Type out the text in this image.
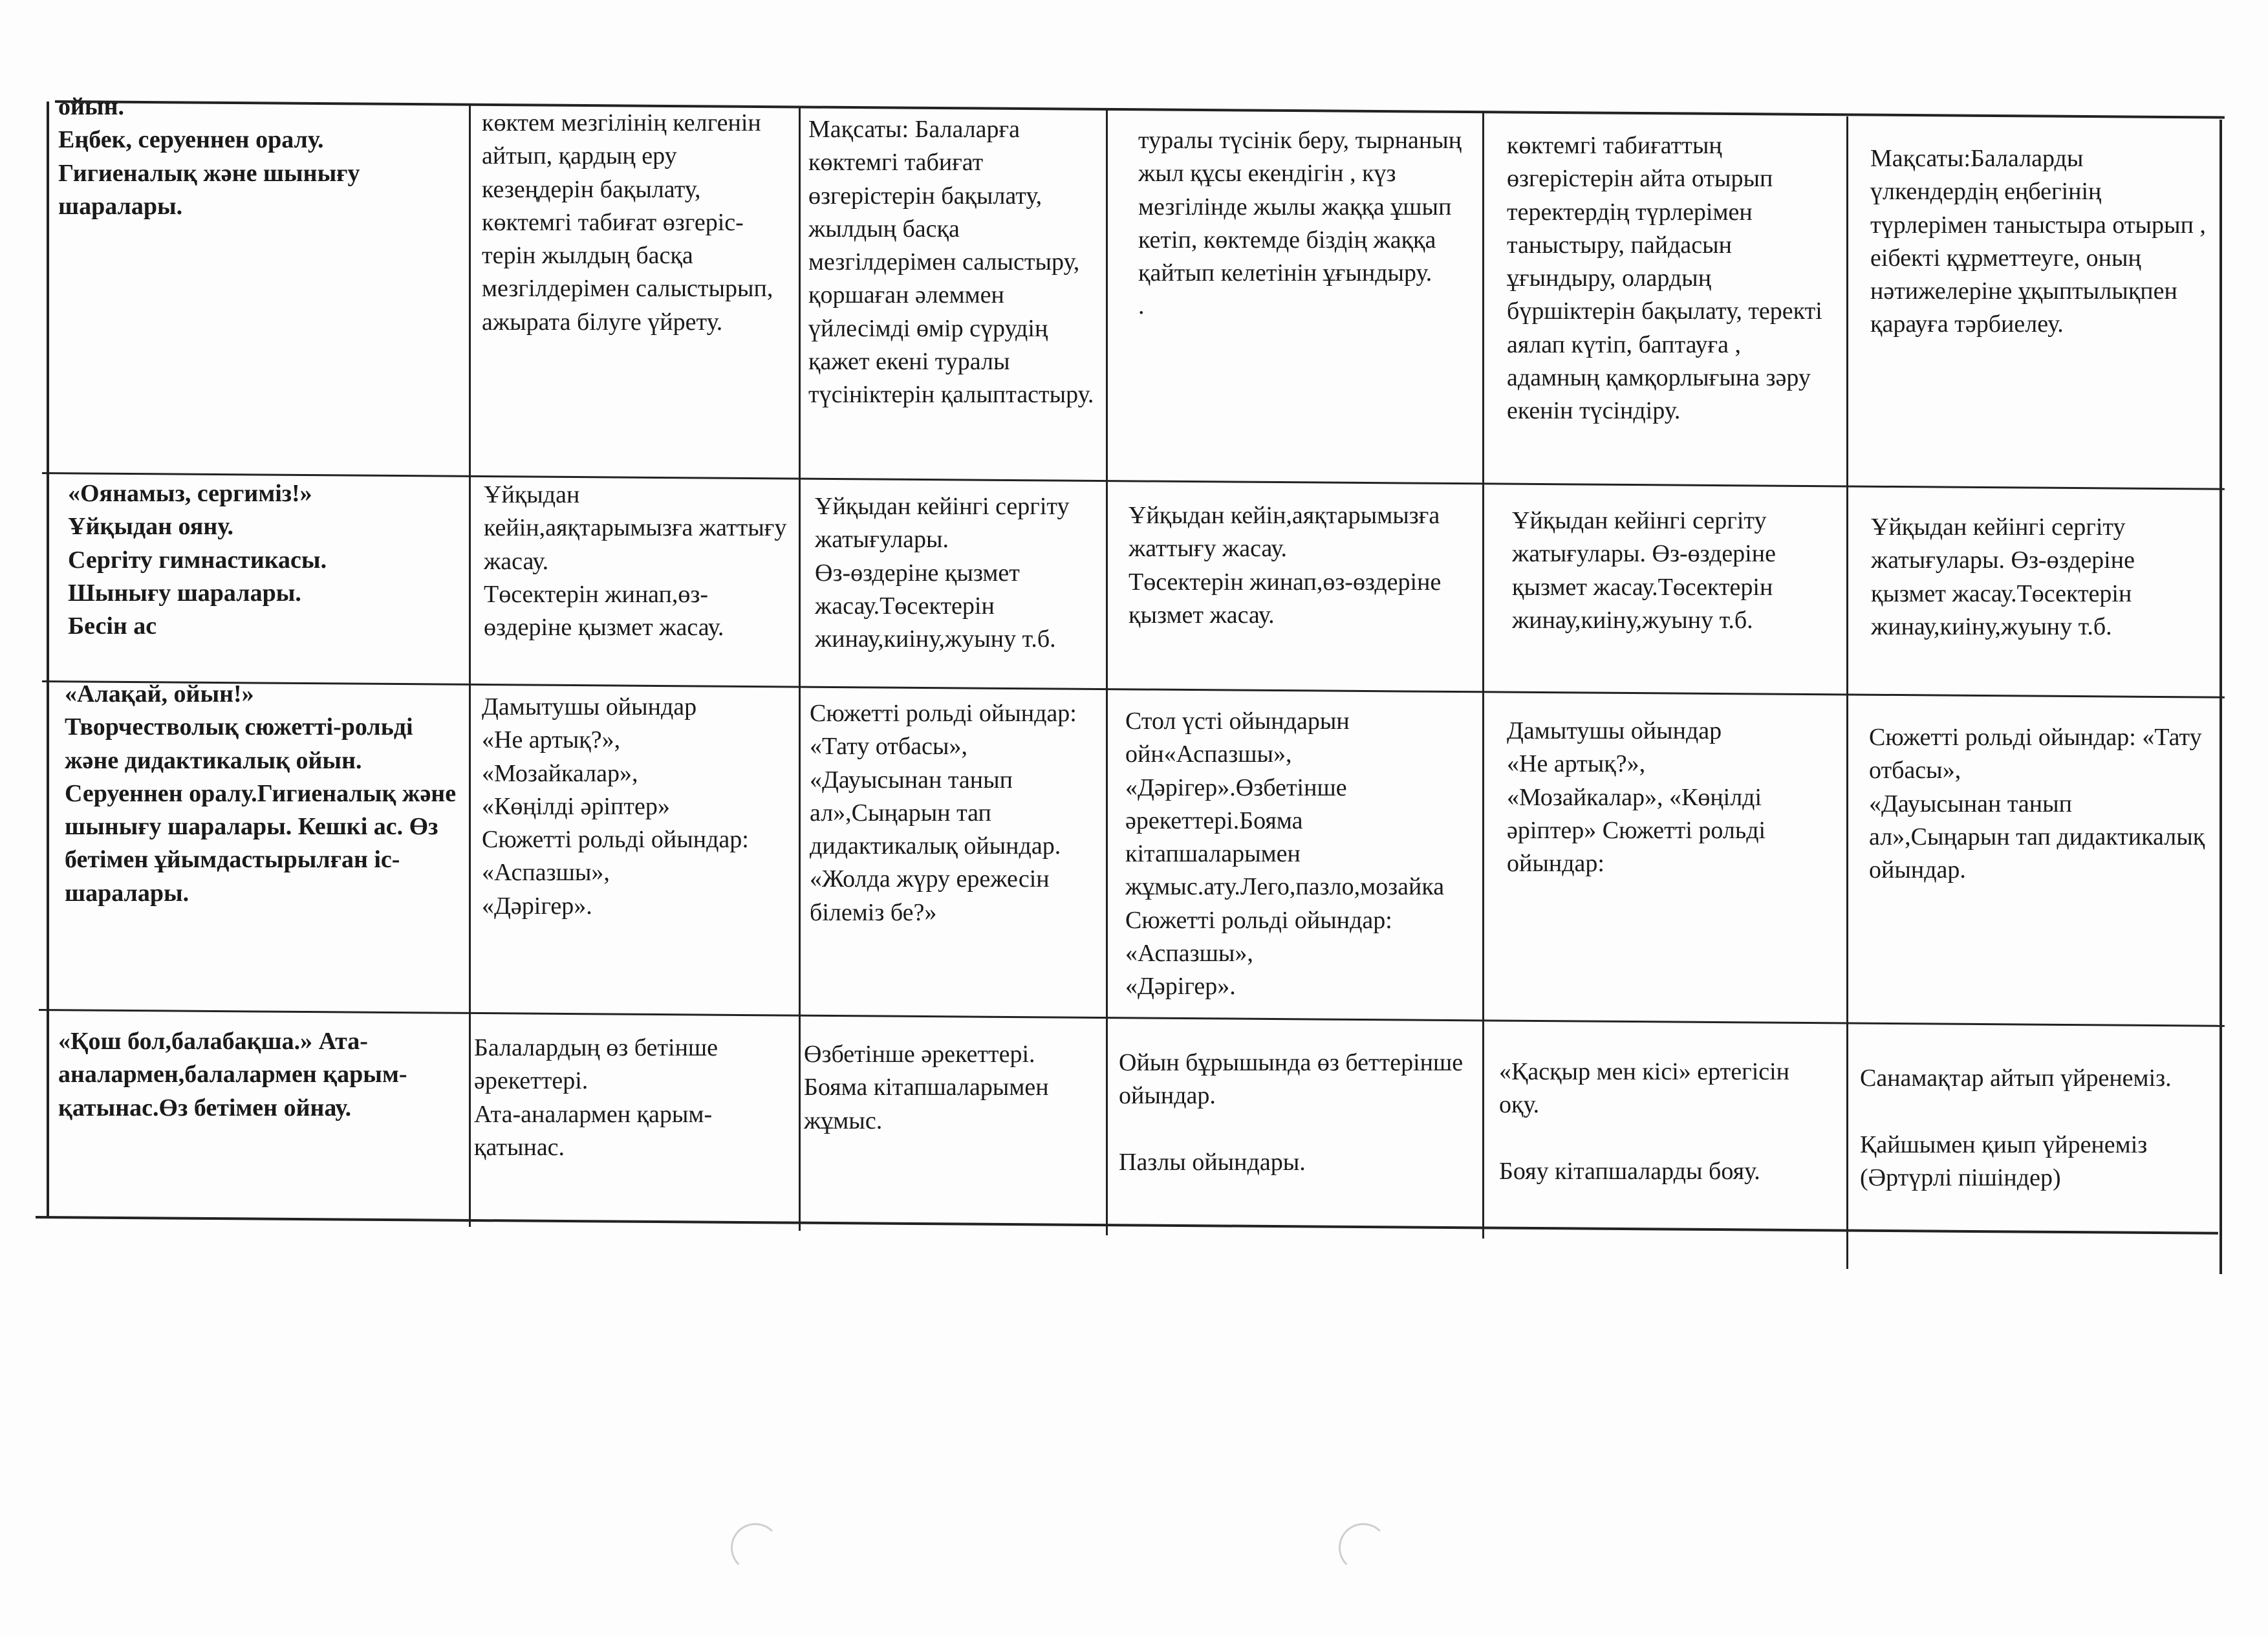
ойын.
Еңбек, серуеннен оралу.
Гигиеналық және шынығу шаралары.
көктем мезгілінің келгенін айтып, қардың еру кезеңдерін бақылату, көктемгі табиғат өзгеріс-терін жылдың басқа мезгілдерімен салыстырып, ажырата білуге үйрету.
Мақсаты: Балаларға көктемгі табиғат өзгерістерін бақылату, жылдың басқа мезгілдерімен салыстыру, қоршаған әлеммен үйлесімді өмір сүрудің қажет екені туралы түсініктерін қалыптастыру.
туралы түсінік беру, тырнаның жыл құсы екендігін , күз мезгілінде жылы жаққа ұшып кетіп, көктемде біздің жаққа қайтып келетінін ұғындыру.
.
көктемгі табиғаттың өзгерістерін айта отырып теректердің түрлерімен таныстыру, пайдасын ұғындыру, олардың бүршіктерін бақылату, теректі аялап күтіп, баптауға , адамның қамқорлығына зәру екенін түсіндіру.
Мақсаты:Балаларды үлкендердің еңбегінің түрлерімен таныстыра отырып , еібекті құрметтеуге, оның нәтижелеріне ұқыптылықпен қарауға тәрбиелеу.
«Оянамыз, сергиміз!»
Ұйқыдан ояну.
Сергіту гимнастикасы.
Шынығу шаралары.
Бесін ас
Ұйқыдан кейін,аяқтарымызға жаттығу жасау.
Төсектерін жинап,өз-өздеріне қызмет жасау.
Ұйқыдан кейінгі сергіту жатығулары.
Өз-өздеріне қызмет жасау.Төсектерін жинау,киіну,жуыну т.б.
Ұйқыдан кейін,аяқтарымызға жаттығу жасау.
Төсектерін жинап,өз-өздеріне қызмет жасау.
Ұйқыдан кейінгі сергіту жатығулары. Өз-өздеріне қызмет жасау.Төсектерін жинау,киіну,жуыну т.б.
Ұйқыдан кейінгі сергіту жатығулары. Өз-өздеріне қызмет жасау.Төсектерін жинау,киіну,жуыну т.б.
«Алақай, ойын!»
Творчестволық сюжетті-рольді және дидактикалық ойын.
Серуеннен оралу.Гигиеналық және шынығу шаралары. Кешкі ас. Өз бетімен ұйымдастырылған іс-шаралары.
Дамытушы ойындар
«Не артық?»,
«Мозайкалар»,
«Көңілді әріптер»
Сюжетті рольді ойындар: «Аспазшы»,
«Дәрігер».
Сюжетті рольді ойындар: «Тату отбасы», «Дауысынан танып ал»,Сыңарын тап дидактикалық ойындар.
«Жолда жүру ережесін білеміз бе?»
Стол үсті ойындарын ойн«Аспазшы», «Дәрігер».Өзбетінше әрекеттері.Бояма кітапшаларымен жұмыс.ату.Лего,пазло,мозайка Сюжетті рольді ойындар: «Аспазшы»,
«Дәрігер».
Дамытушы ойындар
«Не артық?»,
«Мозайкалар», «Көңілді әріптер» Сюжетті рольді ойындар:
Сюжетті рольді ойындар: «Тату отбасы»,
«Дауысынан танып ал»,Сыңарын тап дидактикалық ойындар.
«Қош бол,балабақша.» Ата-аналармен,балалармен қарым-қатынас.Өз бетімен ойнау.
Балалардың өз бетінше әрекеттері.
Ата-аналармен қарым-қатынас.
Өзбетінше әрекеттері. Бояма кітапшаларымен жұмыс.
Ойын бұрышында өз беттерінше ойындар.

Пазлы ойындары.
«Қасқыр мен кісі» ертегісін оқу.

Бояу кітапшаларды бояу.
Санамақтар айтып үйренеміз.

Қайшымен қиып үйренеміз (Әртүрлі пішіндер)
